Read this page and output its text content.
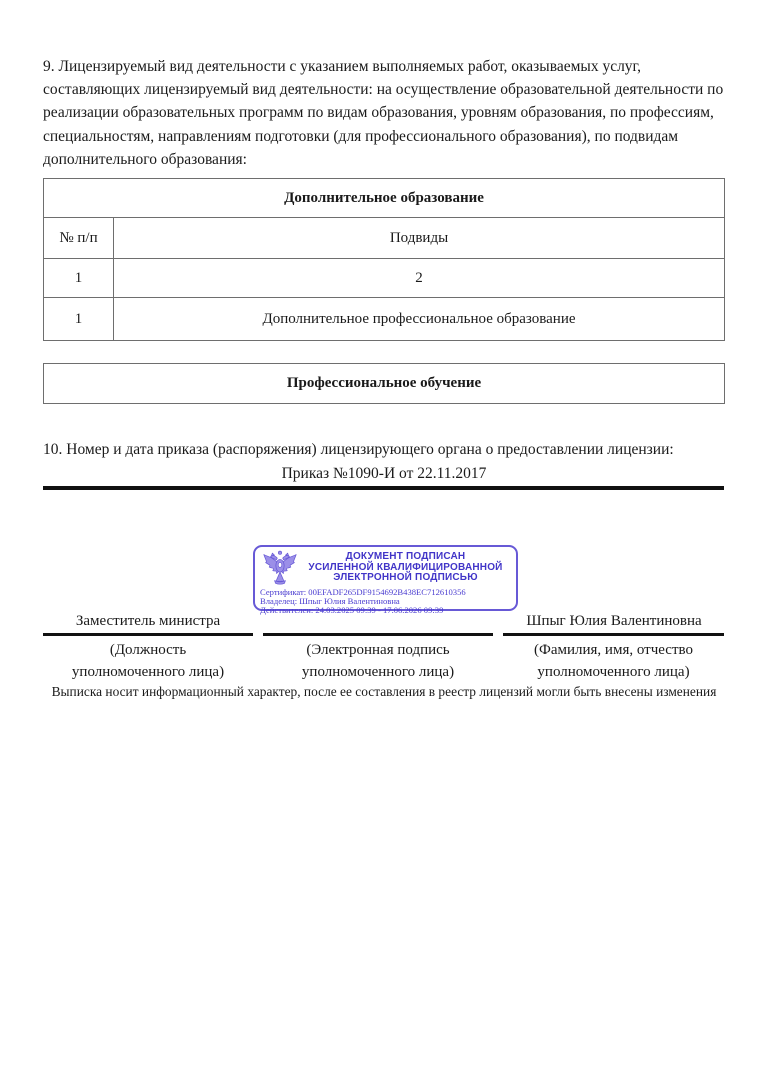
9. Лицензируемый вид деятельности с указанием выполняемых работ, оказываемых услуг, составляющих лицензируемый вид деятельности: на осуществление образовательной деятельности по реализации образовательных программ по видам образования, уровням образования, по профессиям, специальностям, направлениям подготовки (для профессионального образования), по подвидам дополнительного образования:
Дополнительное образование	
№ п/п	Подвиды
1	2
1	Дополнительное профессиональное образование
Профессиональное обучение
10. Номер и дата приказа (распоряжения) лицензирующего органа о предоставлении лицензии:
Приказ №1090-И от 22.11.2017
ДОКУМЕНТ ПОДПИСАН
УСИЛЕННОЙ КВАЛИФИЦИРОВАННОЙ
ЭЛЕКТРОННОЙ ПОДПИСЬЮ
Сертификат: 00EFADF265DF9154692B438EC712610356
Владелец: Шпыг Юлия Валентиновна
Действителен: 24.03.2025 09:39 - 17.06.2026 09:39
Заместитель министра	Шпыг Юлия Валентиновна
(Должность
уполномоченного лица)
(Электронная подпись
уполномоченного лица)
(Фамилия, имя, отчество
уполномоченного лица)
Выписка носит информационный характер, после ее составления в реестр лицензий могли быть внесены изменения
